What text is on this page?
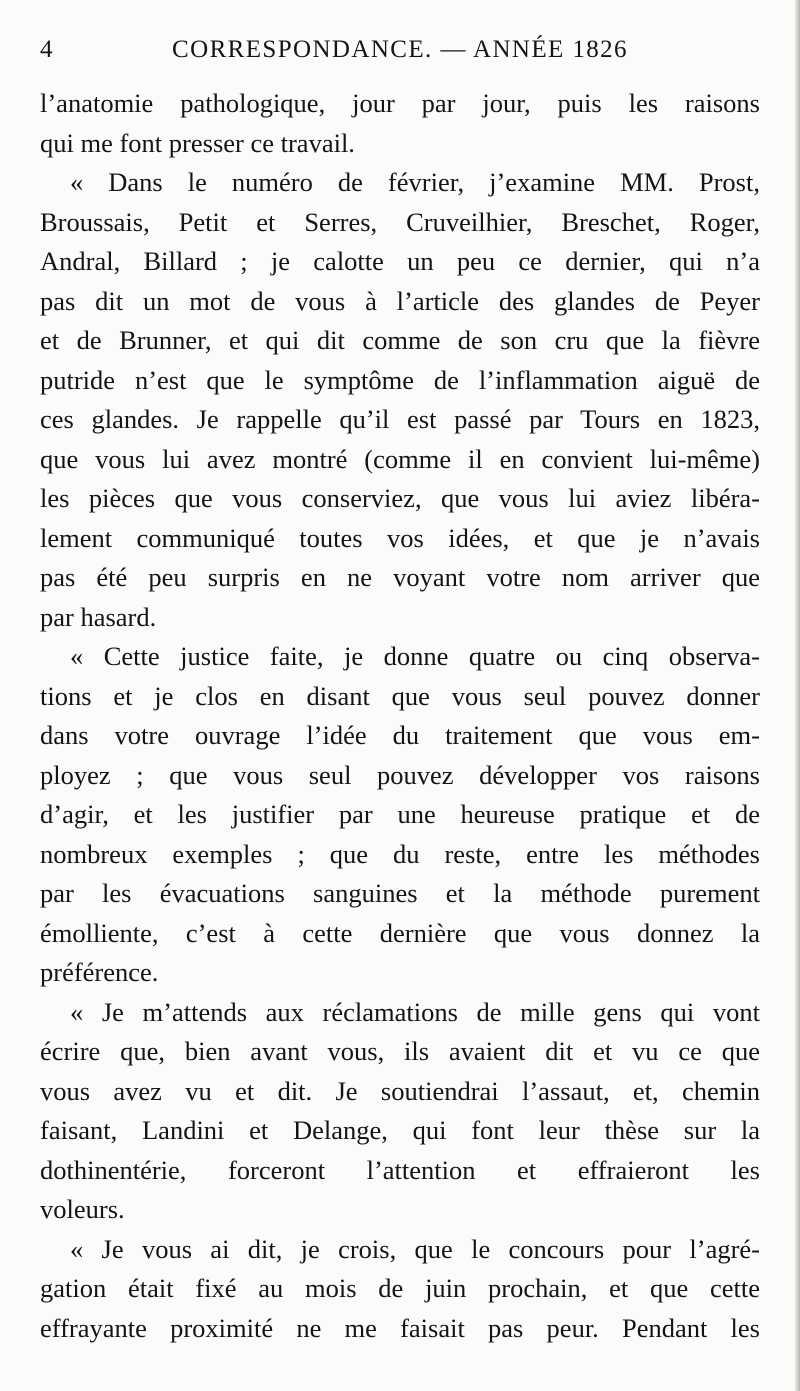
4	CORRESPONDANCE. — ANNÉE 1826
l’anatomie pathologique, jour par jour, puis les raisons
qui me font presser ce travail.
« Dans le numéro de février, j’examine MM. Prost,
Broussais, Petit et Serres, Cruveilhier, Breschet, Roger,
Andral, Billard ; je calotte un peu ce dernier, qui n’a
pas dit un mot de vous à l’article des glandes de Peyer
et de Brunner, et qui dit comme de son cru que la fièvre
putride n’est que le symptôme de l’inflammation aiguë de
ces glandes. Je rappelle qu’il est passé par Tours en 1823,
que vous lui avez montré (comme il en convient lui-même)
les pièces que vous conserviez, que vous lui aviez libéra-
lement communiqué toutes vos idées, et que je n’avais
pas été peu surpris en ne voyant votre nom arriver que
par hasard.
« Cette justice faite, je donne quatre ou cinq observa-
tions et je clos en disant que vous seul pouvez donner
dans votre ouvrage l’idée du traitement que vous em-
ployez ; que vous seul pouvez développer vos raisons
d’agir, et les justifier par une heureuse pratique et de
nombreux exemples ; que du reste, entre les méthodes
par les évacuations sanguines et la méthode purement
émolliente, c’est à cette dernière que vous donnez la
préférence.
« Je m’attends aux réclamations de mille gens qui vont
écrire que, bien avant vous, ils avaient dit et vu ce que
vous avez vu et dit. Je soutiendrai l’assaut, et, chemin
faisant, Landini et Delange, qui font leur thèse sur la
dothinentérie, forceront l’attention et effraieront les
voleurs.
« Je vous ai dit, je crois, que le concours pour l’agré-
gation était fixé au mois de juin prochain, et que cette
effrayante proximité ne me faisait pas peur. Pendant les
